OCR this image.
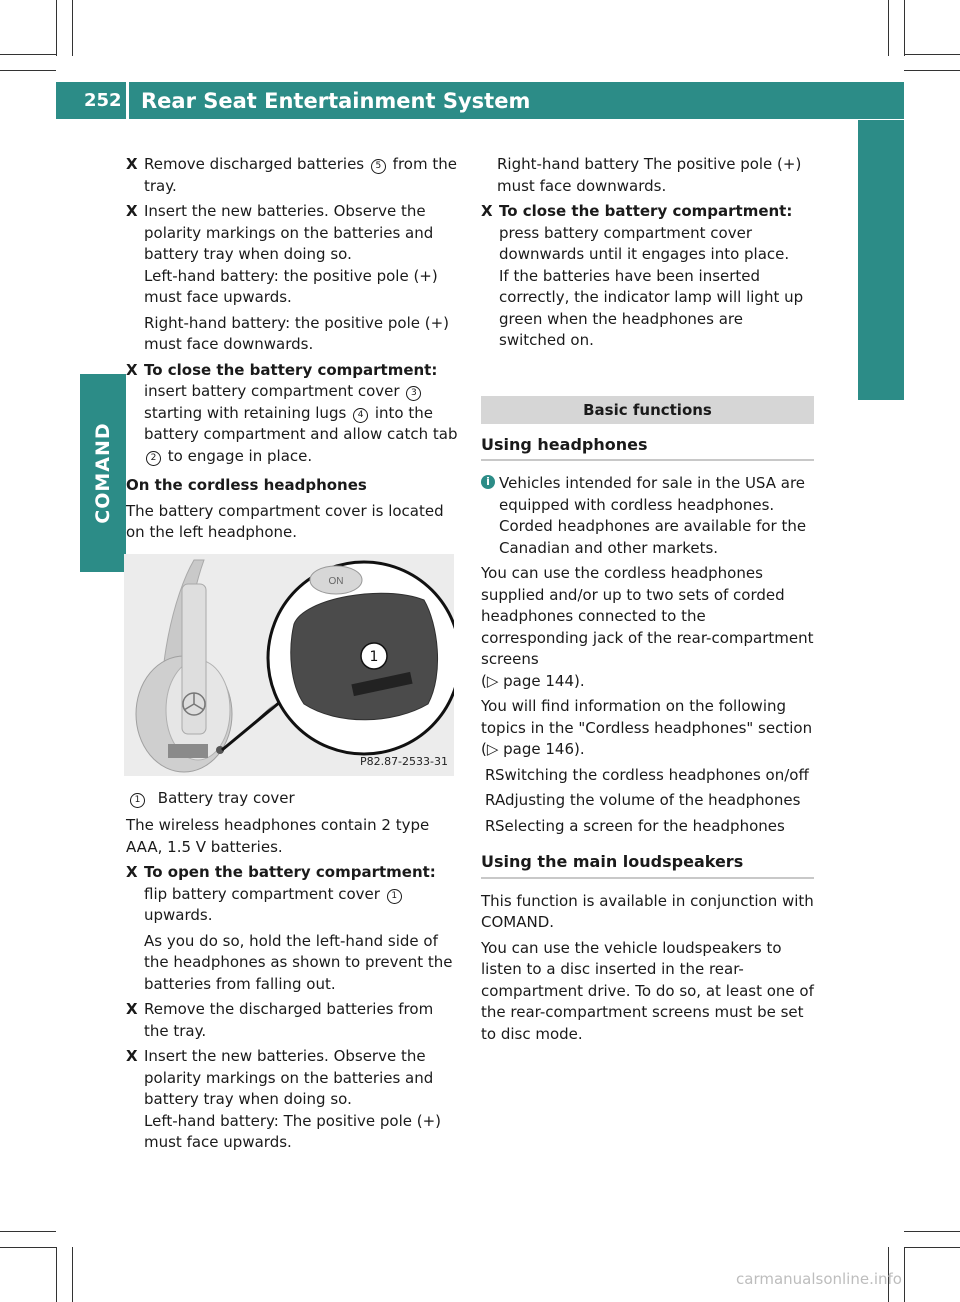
252 Rear Seat Entertainment System
COMAND
X Remove discharged batteries 5 from the tray.
X Insert the new batteries. Observe the polarity markings on the batteries and battery tray when doing so.

Left-hand battery: the positive pole (+) must face upwards.

Right-hand battery: the positive pole (+) must face downwards.

X To close the battery compartment:
insert battery compartment cover 3 starting with retaining lugs 4 into the battery compartment and allow catch tab 2 to engage in place.

On the cordless headphones

The battery compartment cover is located on the left headphone.

ON
1
P82.87-2533-31

1 Battery tray cover

The wireless headphones contain 2 type AAA, 1.5 V batteries.

X To open the battery compartment: flip battery compartment cover 1 upwards.

As you do so, hold the left-hand side of the headphones as shown to prevent the batteries from falling out.

X Remove the discharged batteries from the tray.
X Insert the new batteries. Observe the polarity markings on the batteries and battery tray when doing so.

Left-hand battery: The positive pole (+) must face upwards.

Right-hand battery The positive pole (+) must face downwards.

X To close the battery compartment:
press battery compartment cover downwards until it engages into place.

If the batteries have been inserted correctly, the indicator lamp will light up green when the headphones are switched on.

Basic functions
Using headphones
i Vehicles intended for sale in the USA are equipped with cordless headphones. Corded headphones are available for the Canadian and other markets.

You can use the cordless headphones supplied and/or up to two sets of corded headphones connected to the corresponding jack of the rear-compartment screens
(▷ page 144).

You will find information on the following topics in the "Cordless headphones" section
(▷ page 146).

R Switching the cordless headphones on/off
R Adjusting the volume of the headphones
R Selecting a screen for the headphones
Using the main loudspeakers

This function is available in conjunction with COMAND.

You can use the vehicle loudspeakers to listen to a disc inserted in the rear-compartment drive. To do so, at least one of the rear-compartment screens must be set to disc mode.

carmanualsonline.info
